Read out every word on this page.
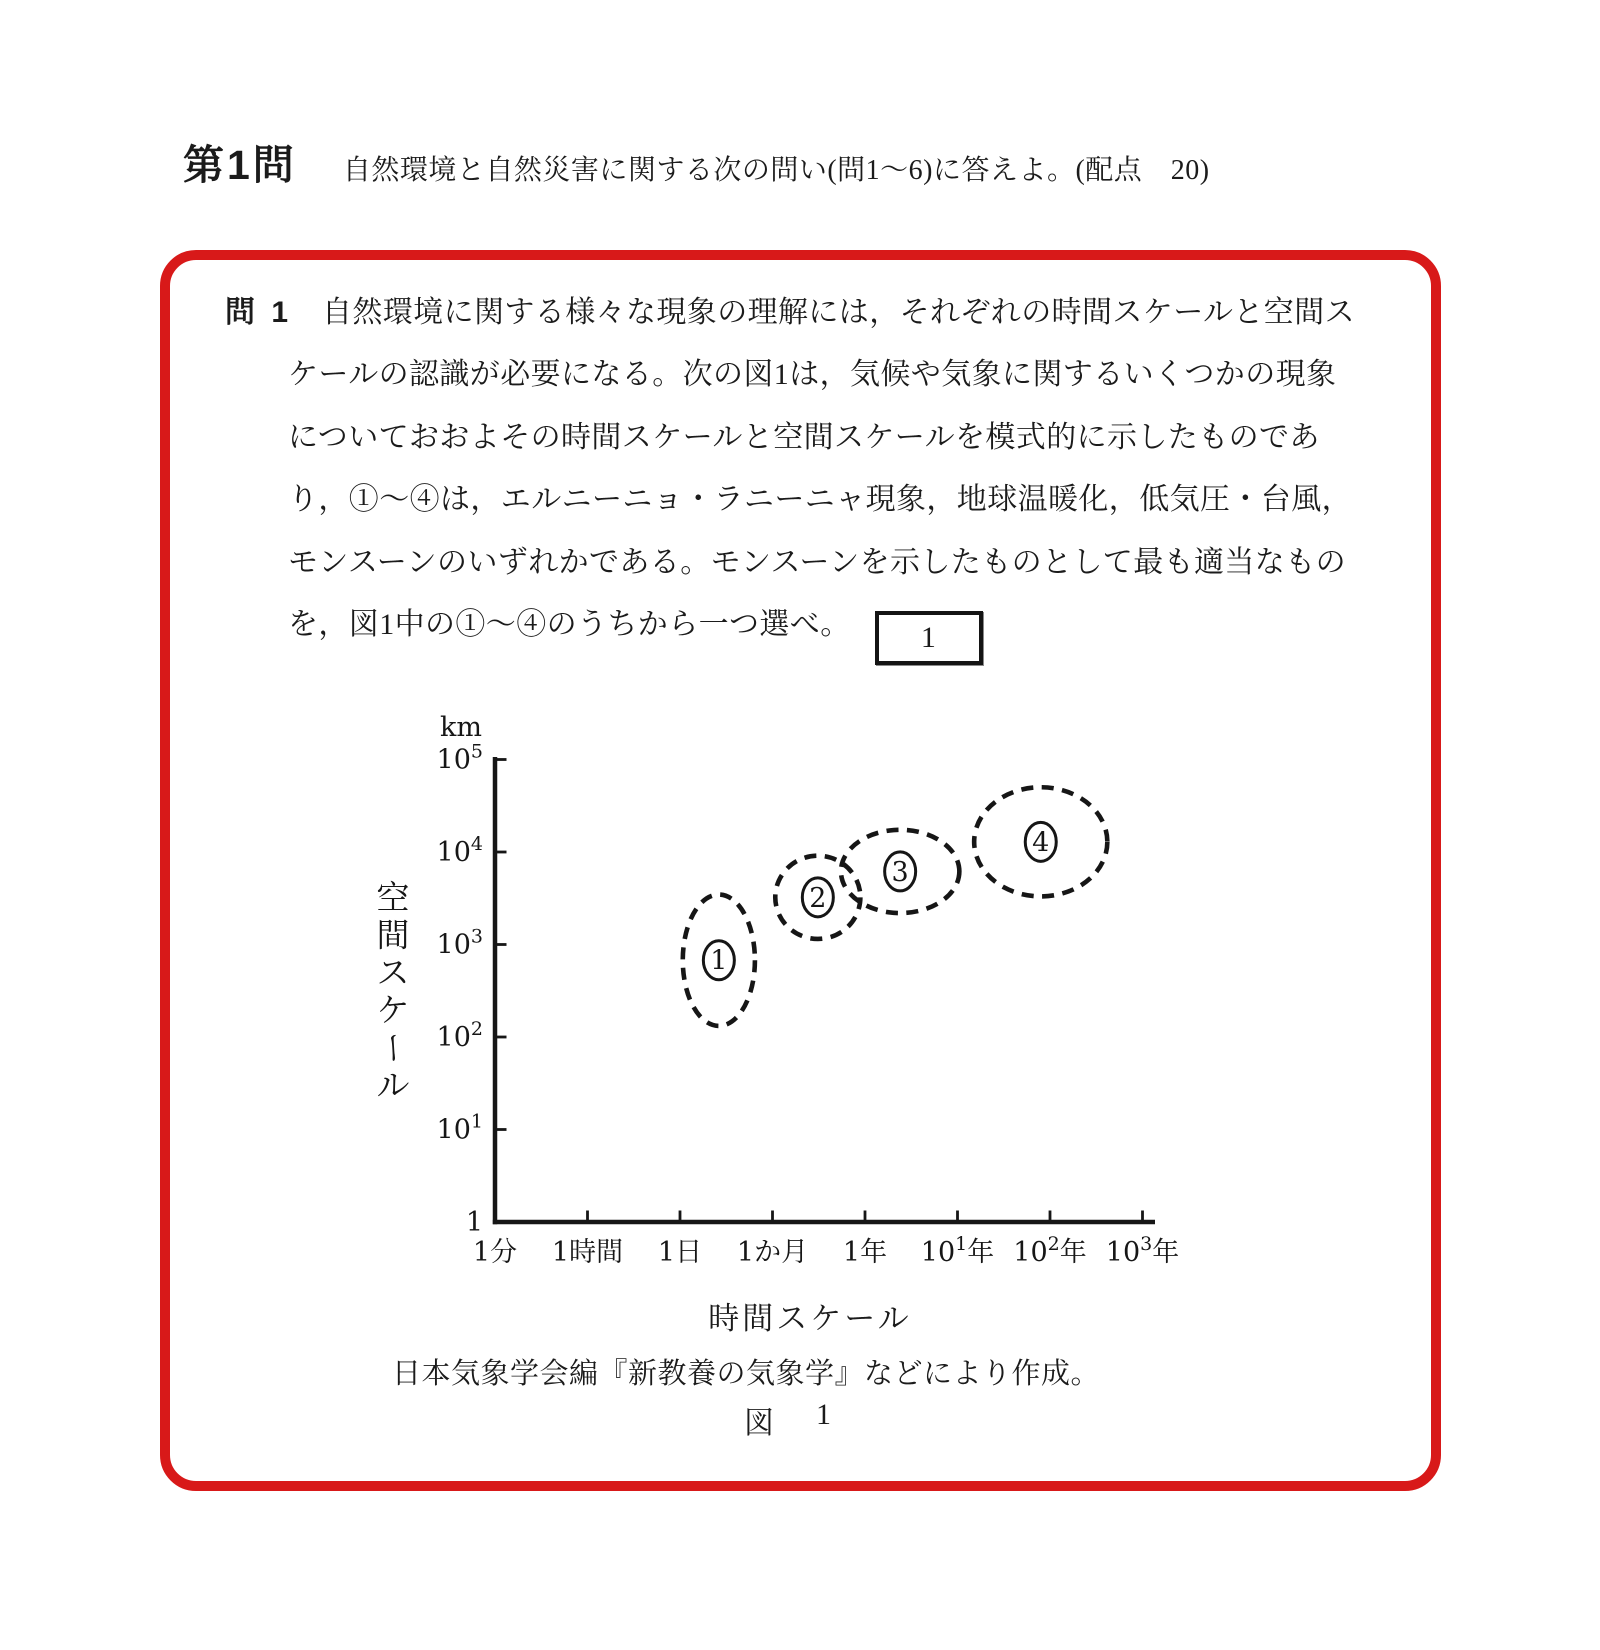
第1問 自然環境と自然災害に関する次の問い(問1～6)に答えよ。(配点　20)
問 1 自然環境に関する様々な現象の理解には，それぞれの時間スケールと空間ス
ケールの認識が必要になる。次の図1は，気候や気象に関するいくつかの現象
についておおよその時間スケールと空間スケールを模式的に示したものであ
り，①～④は，エルニーニョ・ラニーニャ現象，地球温暖化，低気圧・台風，
モンスーンのいずれかである。モンスーンを示したものとして最も適当なもの
を，図1中の①～④のうちから一つ選べ。 1
$10^5$
$10^4$
$10^3$
$10^2$
$10^1$
1
1分 1時間 1日 1か月 1年 $10^1$年 $10^2$年 $10^3$年
km
空
間
ス
ケ
ー
ル
1
2
3
4
時間スケール
日本気象学会編『新教養の気象学』などにより作成。
図 1
